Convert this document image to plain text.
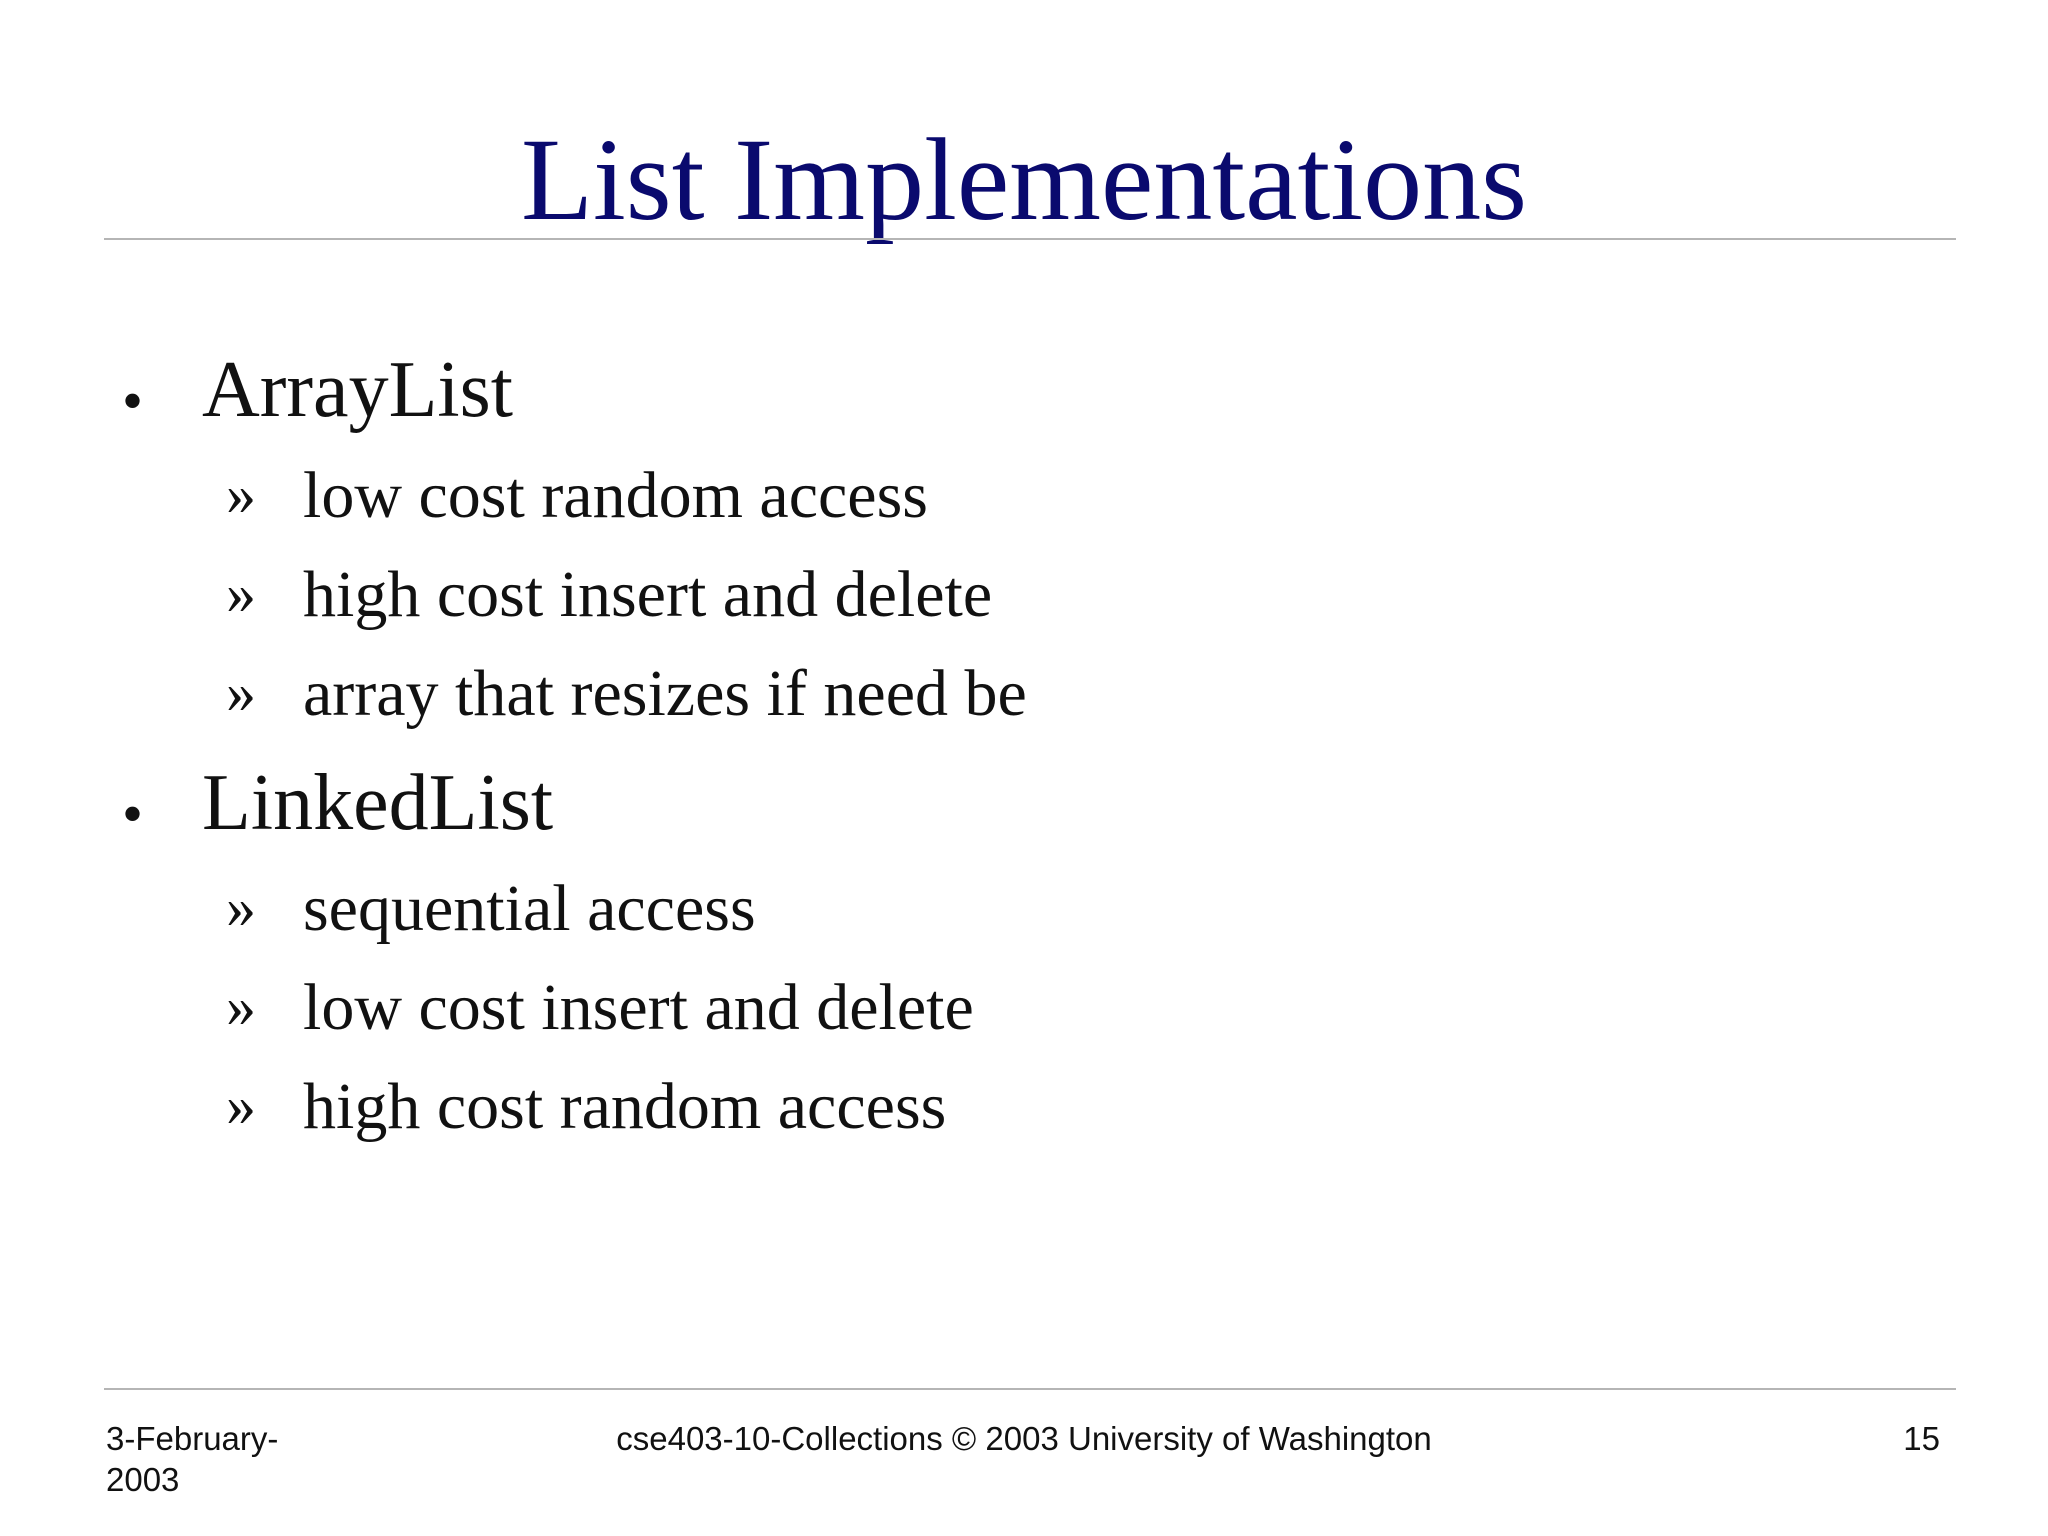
List Implementations
• ArrayList
» low cost random access
» high cost insert and delete
» array that resizes if need be
• LinkedList
» sequential access
» low cost insert and delete
» high cost random access
3-February-2003
cse403-10-Collections © 2003 University of Washington	15
